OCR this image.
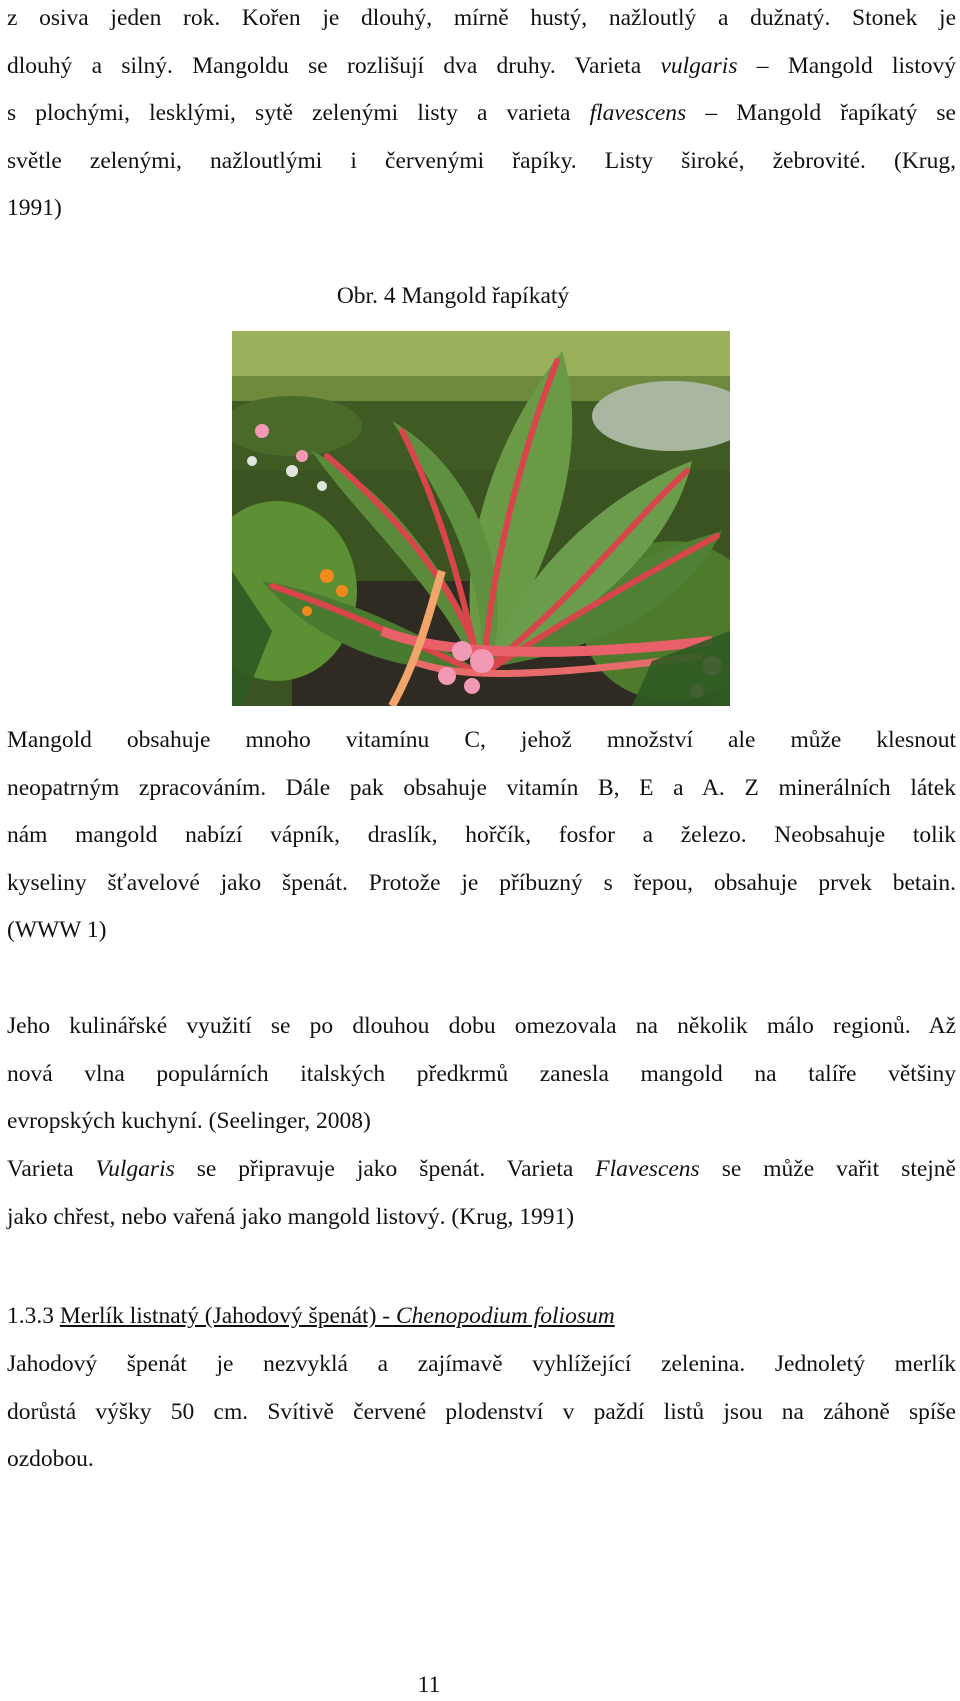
z osiva jeden rok. Kořen je dlouhý, mírně hustý, nažloutlý a dužnatý. Stonek je
dlouhý a silný. Mangoldu se rozlišují dva druhy. Varieta vulgaris – Mangold listový
s plochými, lesklými, sytě zelenými listy a varieta flavescens – Mangold řapíkatý se
světle zelenými, nažloutlými i červenými řapíky. Listy široké, žebrovité. (Krug,
1991)

Obr. 4 Mangold řapíkatý

Mangold obsahuje mnoho vitamínu C, jehož množství ale může klesnout
neopatrným zpracováním. Dále pak obsahuje vitamín B, E a A. Z minerálních látek
nám mangold nabízí vápník, draslík, hořčík, fosfor a železo. Neobsahuje tolik
kyseliny šťavelové jako špenát. Protože je příbuzný s řepou, obsahuje prvek betain.
(WWW 1)

Jeho kulinářské využití se po dlouhou dobu omezovala na několik málo regionů. Až
nová vlna populárních italských předkrmů zanesla mangold na talíře většiny
evropských kuchyní. (Seelinger, 2008)

Varieta Vulgaris se připravuje jako špenát. Varieta Flavescens se může vařit stejně
jako chřest, nebo vařená jako mangold listový. (Krug, 1991)

1.3.3 Merlík listnatý (Jahodový špenát) - Chenopodium foliosum

Jahodový špenát je nezvyklá a zajímavě vyhlížející zelenina. Jednoletý merlík
dorůstá výšky 50 cm. Svítivě červené plodenství v paždí listů jsou na záhoně spíše
ozdobou.

11
